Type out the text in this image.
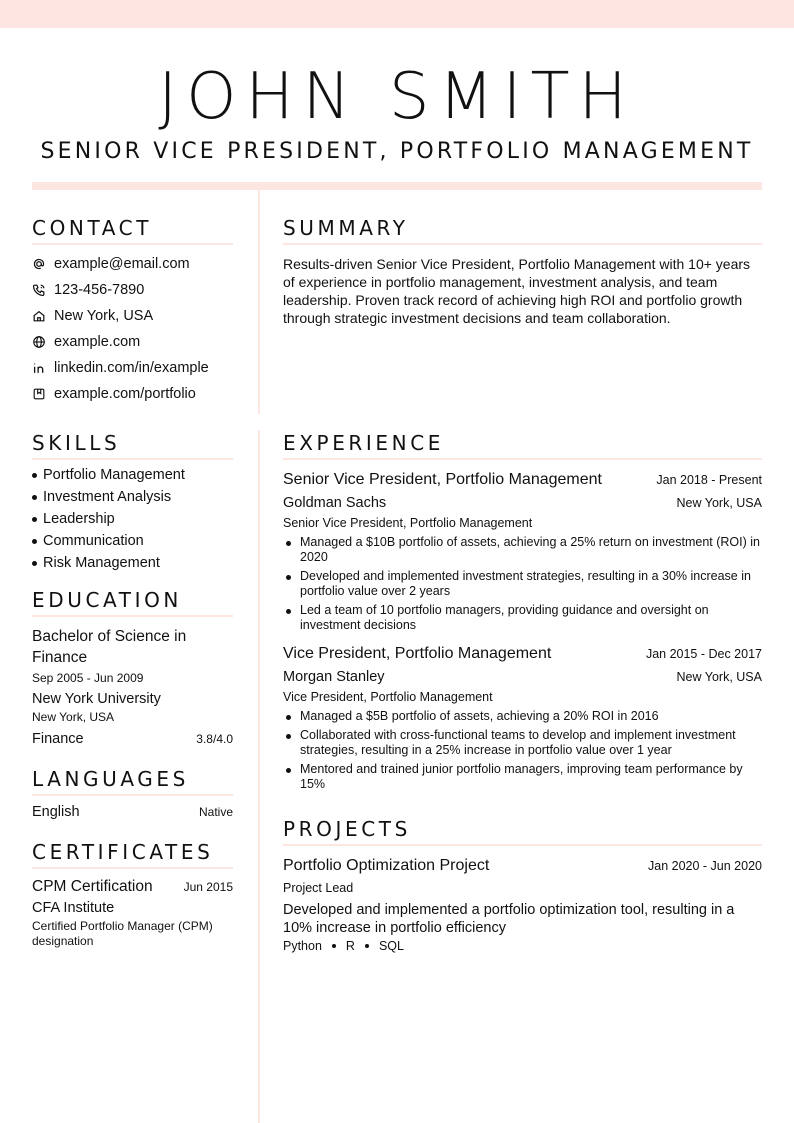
JOHN SMITH
SENIOR VICE PRESIDENT, PORTFOLIO MANAGEMENT
CONTACT
example@email.com
123-456-7890
New York, USA
example.com
linkedin.com/in/example
example.com/portfolio
SUMMARY
Results-driven Senior Vice President, Portfolio Management with 10+ years of experience in portfolio management, investment analysis, and team leadership. Proven track record of achieving high ROI and portfolio growth through strategic investment decisions and team collaboration.
SKILLS
Portfolio Management
Investment Analysis
Leadership
Communication
Risk Management
EDUCATION
Bachelor of Science in Finance
Sep 2005 - Jun 2009
New York University
New York, USA
Finance	3.8/4.0
LANGUAGES
English	Native
CERTIFICATES
CPM Certification	Jun 2015
CFA Institute
Certified Portfolio Manager (CPM) designation
EXPERIENCE
Senior Vice President, Portfolio Management	Jan 2018 - Present
Goldman Sachs	New York, USA
Senior Vice President, Portfolio Management
Managed a $10B portfolio of assets, achieving a 25% return on investment (ROI) in 2020
Developed and implemented investment strategies, resulting in a 30% increase in portfolio value over 2 years
Led a team of 10 portfolio managers, providing guidance and oversight on investment decisions
Vice President, Portfolio Management	Jan 2015 - Dec 2017
Morgan Stanley	New York, USA
Vice President, Portfolio Management
Managed a $5B portfolio of assets, achieving a 20% ROI in 2016
Collaborated with cross-functional teams to develop and implement investment strategies, resulting in a 25% increase in portfolio value over 1 year
Mentored and trained junior portfolio managers, improving team performance by 15%
PROJECTS
Portfolio Optimization Project	Jan 2020 - Jun 2020
Project Lead
Developed and implemented a portfolio optimization tool, resulting in a 10% increase in portfolio efficiency
Python R SQL
